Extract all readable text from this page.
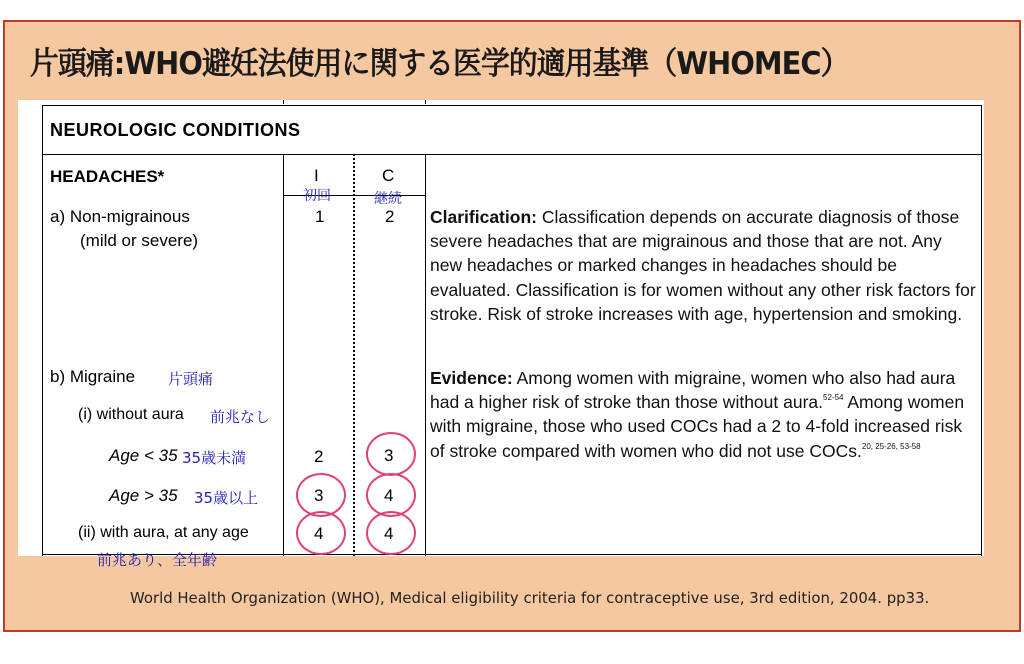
片頭痛:WHO避妊法使用に関する医学的適用基準（WHOMEC）
NEUROLOGIC CONDITIONS
HEADACHES*	I	C
初回	継続
a) Non-migrainous
(mild or severe)
1	2
b) Migraine 片頭痛
(i) without aura 前兆なし
Age < 35 35歳未満	2	3
Age > 35 35歳以上	3	4
(ii) with aura, at any age	4	4
Clarification: Classification depends on accurate diagnosis of those severe headaches that are migrainous and those that are not. Any new headaches or marked changes in headaches should be evaluated. Classification is for women without any other risk factors for stroke. Risk of stroke increases with age, hypertension and smoking.
Evidence: Among women with migraine, women who also had aura had a higher risk of stroke than those without aura.$^{52-54}$ Among women with migraine, those who used COCs had a 2 to 4-fold increased risk of stroke compared with women who did not use COCs.$^{20, 25-26, 53-58}$
前兆あり、全年齢
World Health Organization (WHO), Medical eligibility criteria for contraceptive use, 3rd edition, 2004. pp33.
